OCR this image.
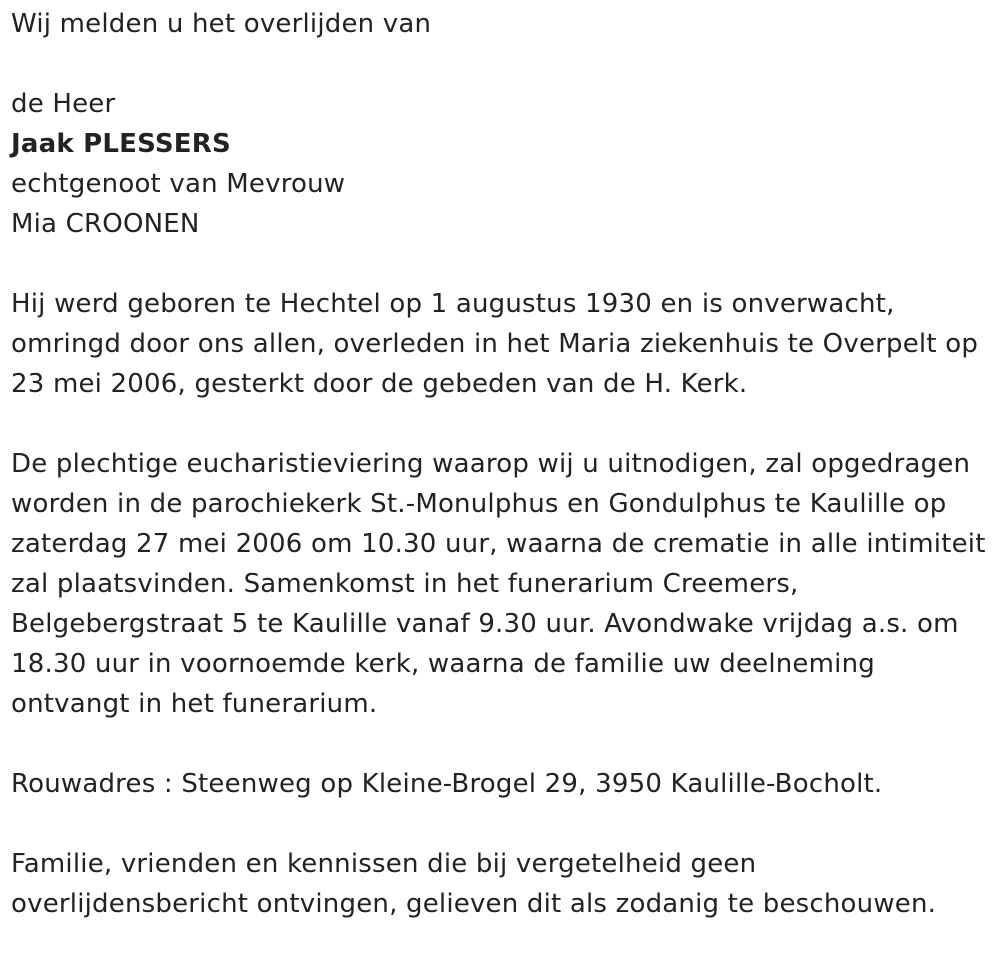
Wij melden u het overlijden van
de Heer
Jaak PLESSERS
echtgenoot van Mevrouw
Mia CROONEN
Hij werd geboren te Hechtel op 1 augustus 1930 en is onverwacht,
omringd door ons allen, overleden in het Maria ziekenhuis te Overpelt op
23 mei 2006, gesterkt door de gebeden van de H. Kerk.
De plechtige eucharistieviering waarop wij u uitnodigen, zal opgedragen
worden in de parochiekerk St.-Monulphus en Gondulphus te Kaulille op
zaterdag 27 mei 2006 om 10.30 uur, waarna de crematie in alle intimiteit
zal plaatsvinden. Samenkomst in het funerarium Creemers,
Belgebergstraat 5 te Kaulille vanaf 9.30 uur. Avondwake vrijdag a.s. om
18.30 uur in voornoemde kerk, waarna de familie uw deelneming
ontvangt in het funerarium.
Rouwadres : Steenweg op Kleine-Brogel 29, 3950 Kaulille-Bocholt.
Familie, vrienden en kennissen die bij vergetelheid geen
overlijdensbericht ontvingen, gelieven dit als zodanig te beschouwen.
